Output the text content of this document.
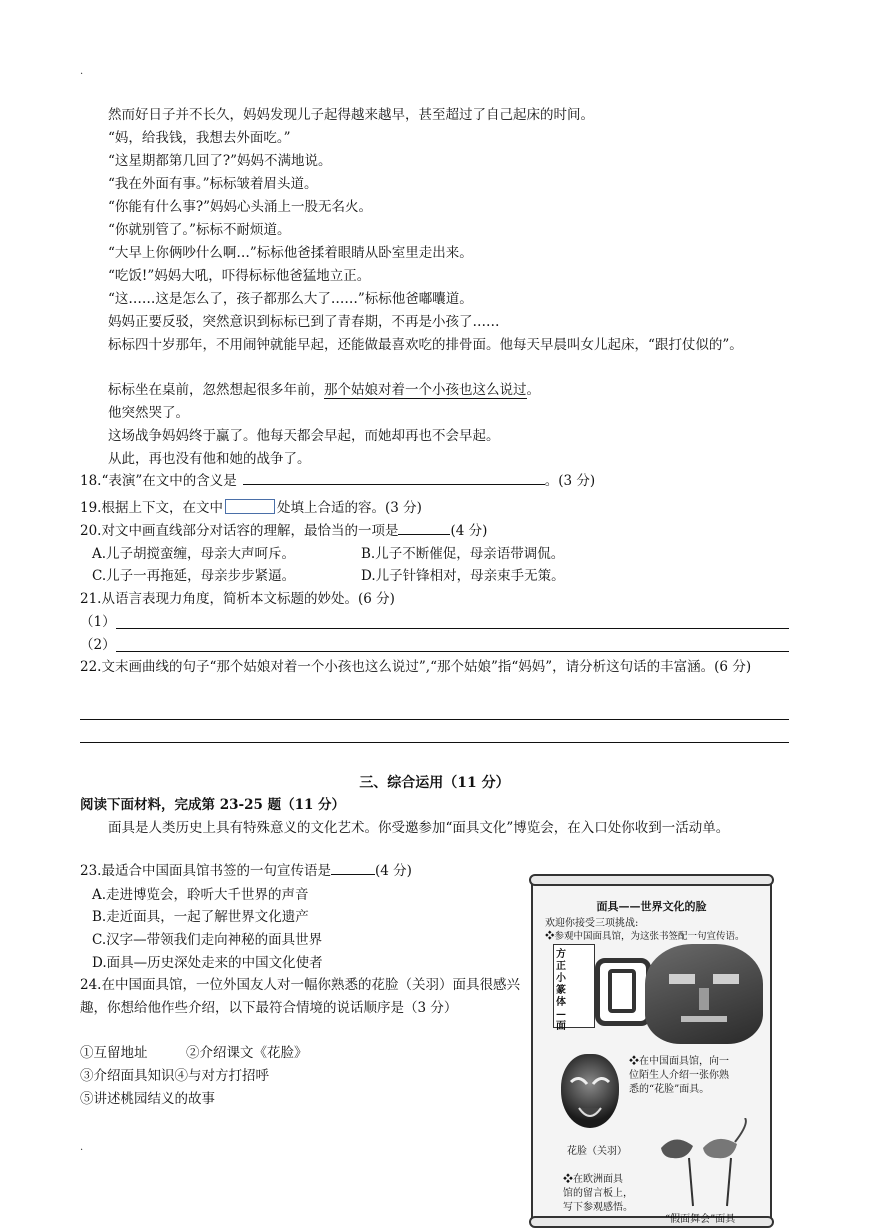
.
.
然而好日子并不长久，妈妈发现儿子起得越来越早，甚至超过了自己起床的时间。
“妈，给我钱，我想去外面吃。”
“这星期都第几回了?”妈妈不满地说。
“我在外面有事。”标标皱着眉头道。
“你能有什么事?”妈妈心头涌上一股无名火。
“你就别管了。”标标不耐烦道。
“大早上你俩吵什么啊…”标标他爸揉着眼睛从卧室里走出来。
“吃饭!”妈妈大吼，吓得标标他爸猛地立正。
“这……这是怎么了，孩子都那么大了……”标标他爸嘟囔道。
妈妈正要反驳，突然意识到标标已到了青春期，不再是小孩了……
标标四十岁那年，不用闹钟就能早起，还能做最喜欢吃的排骨面。他每天早晨叫女儿起床，“跟打仗似的”。
标标坐在桌前，忽然想起很多年前，那个姑娘对着一个小孩也这么说过。
他突然哭了。
这场战争妈妈终于赢了。他每天都会早起，而她却再也不会早起。
从此，再也没有他和她的战争了。
18.“表演”在文中的含义是	。(3 分)
19.根据上下文，在文中	处填上合适的容。(3 分)
20.对文中画直线部分对话容的理解，最恰当的一项是	(4 分)
A.儿子胡搅蛮缠，母亲大声呵斥。	B.儿子不断催促，母亲语带调侃。
C.儿子一再拖延，母亲步步紧逼。	D.儿子针锋相对，母亲束手无策。
21.从语言表现力角度，简析本文标题的妙处。(6 分)
（1）
（2）
22.文末画曲线的句子“那个姑娘对着一个小孩也这么说过”,“那个姑娘”指“妈妈”，请分析这句话的丰富涵。(6 分)
三、综合运用（11 分）
阅读下面材料，完成第 23-25 题（11 分）
面具是人类历史上具有特殊意义的文化艺术。你受邀参加“面具文化”博览会，在入口处你收到一活动单。
23.最适合中国面具馆书签的一句宣传语是	(4 分)
A.走进博览会，聆听大千世界的声音
B.走近面具，一起了解世界文化遗产
C.汉字—带领我们走向神秘的面具世界
D.面具—历史深处走来的中国文化使者
24.在中国面具馆，一位外国友人对一幅你熟悉的花脸（关羽）面具很感兴趣，你想给他作些介绍，以下最符合情境的说话顺序是（3 分）
①互留地址	②介绍课文《花脸》
③介绍面具知识④与对方打招呼
⑤讲述桃园结义的故事
面具——世界文化的脸
欢迎你接受三项挑战:
❖参观中国面具馆，为这张书签配一句宣传语。
方正小篆体—面
❖在中国面具馆，向一
位陌生人介绍一张你熟
悉的“花脸”面具。
花脸（关羽）
❖在欧洲面具
馆的留言板上，
写下参观感悟。
“假面舞会”面具
